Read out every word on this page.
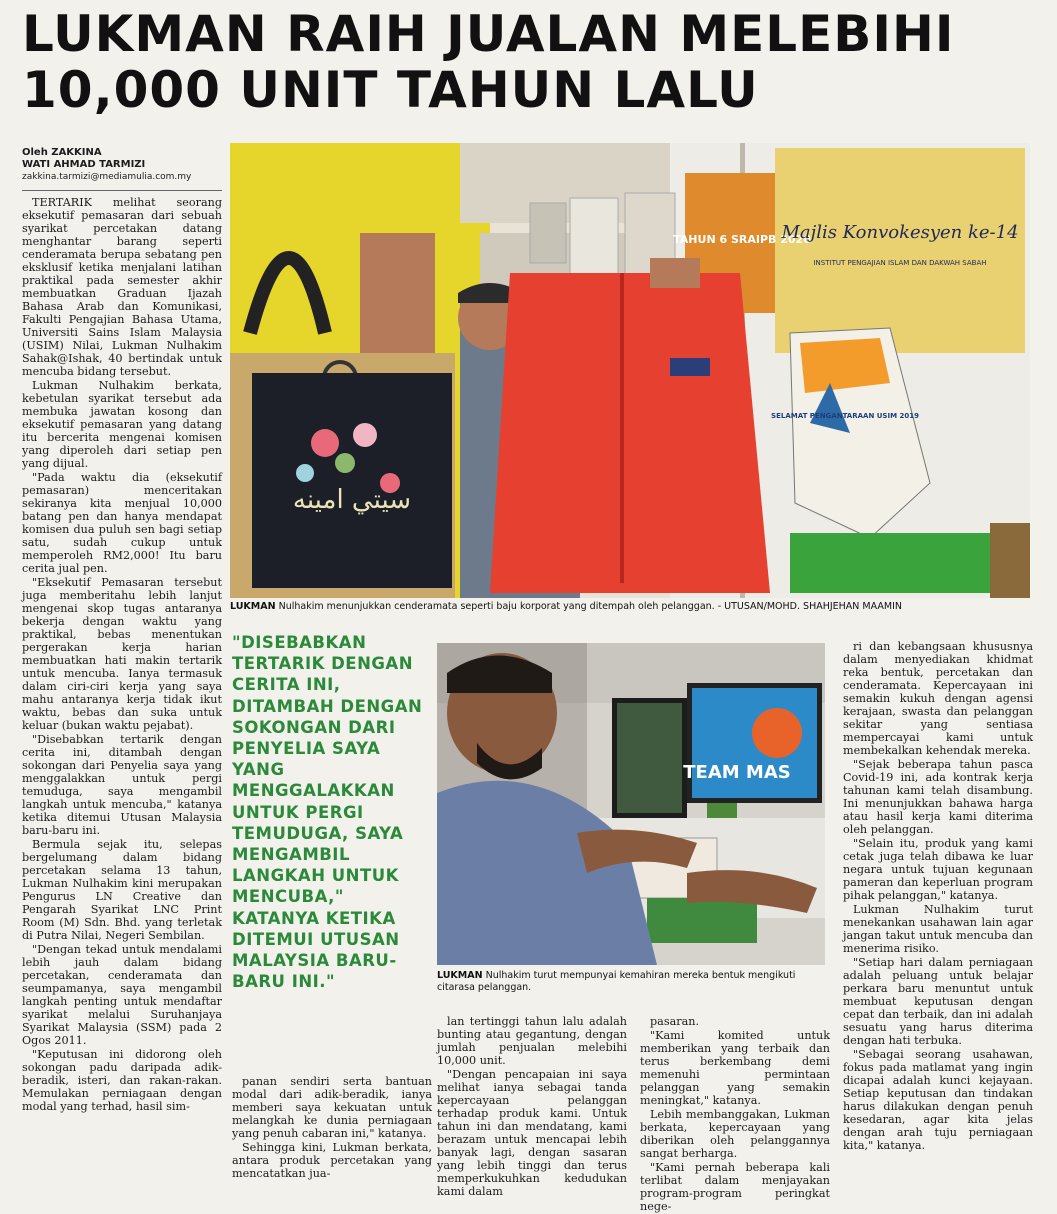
LUKMAN RAIH JUALAN MELEBIHI 10,000 UNIT TAHUN LALU
Oleh ZAKKINA
WATI AHMAD TARMIZI
zakkina.tarmizi@mediamulia.com.my

TERTARIK melihat seorang eksekutif pemasaran dari sebuah syarikat percetakan datang menghantar barang seperti cenderamata berupa sebatang pen eksklusif ketika menjalani latihan praktikal pada semester akhir membuatkan Graduan Ijazah Bahasa Arab dan Komunikasi, Fakulti Pengajian Bahasa Utama, Universiti Sains Islam Malaysia (USIM) Nilai, Lukman Nulhakim Sahak@Ishak, 40 bertindak untuk mencuba bidang tersebut.

Lukman Nulhakim berkata, kebetulan syarikat tersebut ada membuka jawatan kosong dan eksekutif pemasaran yang datang itu bercerita mengenai komisen yang diperoleh dari setiap pen yang dijual.

"Pada waktu dia (eksekutif pemasaran) menceritakan sekiranya kita menjual 10,000 batang pen dan hanya mendapat komisen dua puluh sen bagi setiap satu, sudah cukup untuk memperoleh RM2,000! Itu baru cerita jual pen.

"Eksekutif Pemasaran tersebut juga memberitahu lebih lanjut mengenai skop tugas antaranya bekerja dengan waktu yang praktikal, bebas menentukan pergerakan kerja harian membuatkan hati makin tertarik untuk mencuba. Ianya termasuk dalam ciri-ciri kerja yang saya mahu antaranya kerja tidak ikut waktu, bebas dan suka untuk keluar (bukan waktu pejabat).

"Disebabkan tertarik dengan cerita ini, ditambah dengan sokongan dari Penyelia saya yang menggalakkan untuk pergi temuduga, saya mengambil langkah untuk mencuba," katanya ketika ditemui Utusan Malaysia baru-baru ini.

Bermula sejak itu, selepas bergelumang dalam bidang percetakan selama 13 tahun, Lukman Nulhakim kini merupakan Pengurus LN Creative dan Pengarah Syarikat LNC Print Room (M) Sdn. Bhd. yang terletak di Putra Nilai, Negeri Sembilan.

"Dengan tekad untuk mendalami lebih jauh dalam bidang percetakan, cenderamata dan seumpamanya, saya mengambil langkah penting untuk mendaftar syarikat melalui Suruhanjaya Syarikat Malaysia (SSM) pada 2 Ogos 2011.

"Keputusan ini didorong oleh sokongan padu daripada adik-beradik, isteri, dan rakan-rakan. Memulakan perniagaan dengan modal yang terhad, hasil sim-

سيتي امينه
TAHUN 6 SRAIPB 2020
Majlis Konvokesyen ke-14
INSTITUT PENGAJIAN ISLAM DAN DAKWAH SABAH
SELAMAT PENGANTARAAN USIM 2019
LUKMAN Nulhakim menunjukkan cenderamata seperti baju korporat yang ditempah oleh pelanggan. - UTUSAN/MOHD. SHAHJEHAN MAAMIN
"DISEBABKAN TERTARIK DENGAN CERITA INI, DITAMBAH DENGAN SOKONGAN DARI PENYELIA SAYA YANG MENGGALAKKAN UNTUK PERGI TEMUDUGA, SAYA MENGAMBIL LANGKAH UNTUK MENCUBA," KATANYA KETIKA DITEMUI UTUSAN MALAYSIA BARU-BARU INI."
TEAM MAS
LUKMAN Nulhakim turut mempunyai kemahiran mereka bentuk mengikuti citarasa pelanggan.

panan sendiri serta bantuan modal dari adik-beradik, ianya memberi saya kekuatan untuk melangkah ke dunia perniagaan yang penuh cabaran ini," katanya.

Sehingga kini, Lukman berkata, antara produk percetakan yang mencatatkan jua-

lan tertinggi tahun lalu adalah bunting atau gegantung, dengan jumlah penjualan melebihi 10,000 unit.

"Dengan pencapaian ini saya melihat ianya sebagai tanda kepercayaan pelanggan terhadap produk kami. Untuk tahun ini dan mendatang, kami berazam untuk mencapai lebih banyak lagi, dengan sasaran yang lebih tinggi dan terus memperkukuhkan kedudukan kami dalam

pasaran.

"Kami komited untuk memberikan yang terbaik dan terus berkembang demi memenuhi permintaan pelanggan yang semakin meningkat," katanya.

Lebih membanggakan, Lukman berkata, kepercayaan yang diberikan oleh pelanggannya sangat berharga.

"Kami pernah beberapa kali terlibat dalam menjayakan program-program peringkat nege-

ri dan kebangsaan khususnya dalam menyediakan khidmat reka bentuk, percetakan dan cenderamata. Kepercayaan ini semakin kukuh dengan agensi kerajaan, swasta dan pelanggan sekitar yang sentiasa mempercayai kami untuk membekalkan kehendak mereka.

"Sejak beberapa tahun pasca Covid-19 ini, ada kontrak kerja tahunan kami telah disambung. Ini menunjukkan bahawa harga atau hasil kerja kami diterima oleh pelanggan.

"Selain itu, produk yang kami cetak juga telah dibawa ke luar negara untuk tujuan kegunaan pameran dan keperluan program pihak pelanggan," katanya.

Lukman Nulhakim turut menekankan usahawan lain agar jangan takut untuk mencuba dan menerima risiko.

"Setiap hari dalam perniagaan adalah peluang untuk belajar perkara baru menuntut untuk membuat keputusan dengan cepat dan terbaik, dan ini adalah sesuatu yang harus diterima dengan hati terbuka.

"Sebagai seorang usahawan, fokus pada matlamat yang ingin dicapai adalah kunci kejayaan. Setiap keputusan dan tindakan harus dilakukan dengan penuh kesedaran, agar kita jelas dengan arah tuju perniagaan kita," katanya.
